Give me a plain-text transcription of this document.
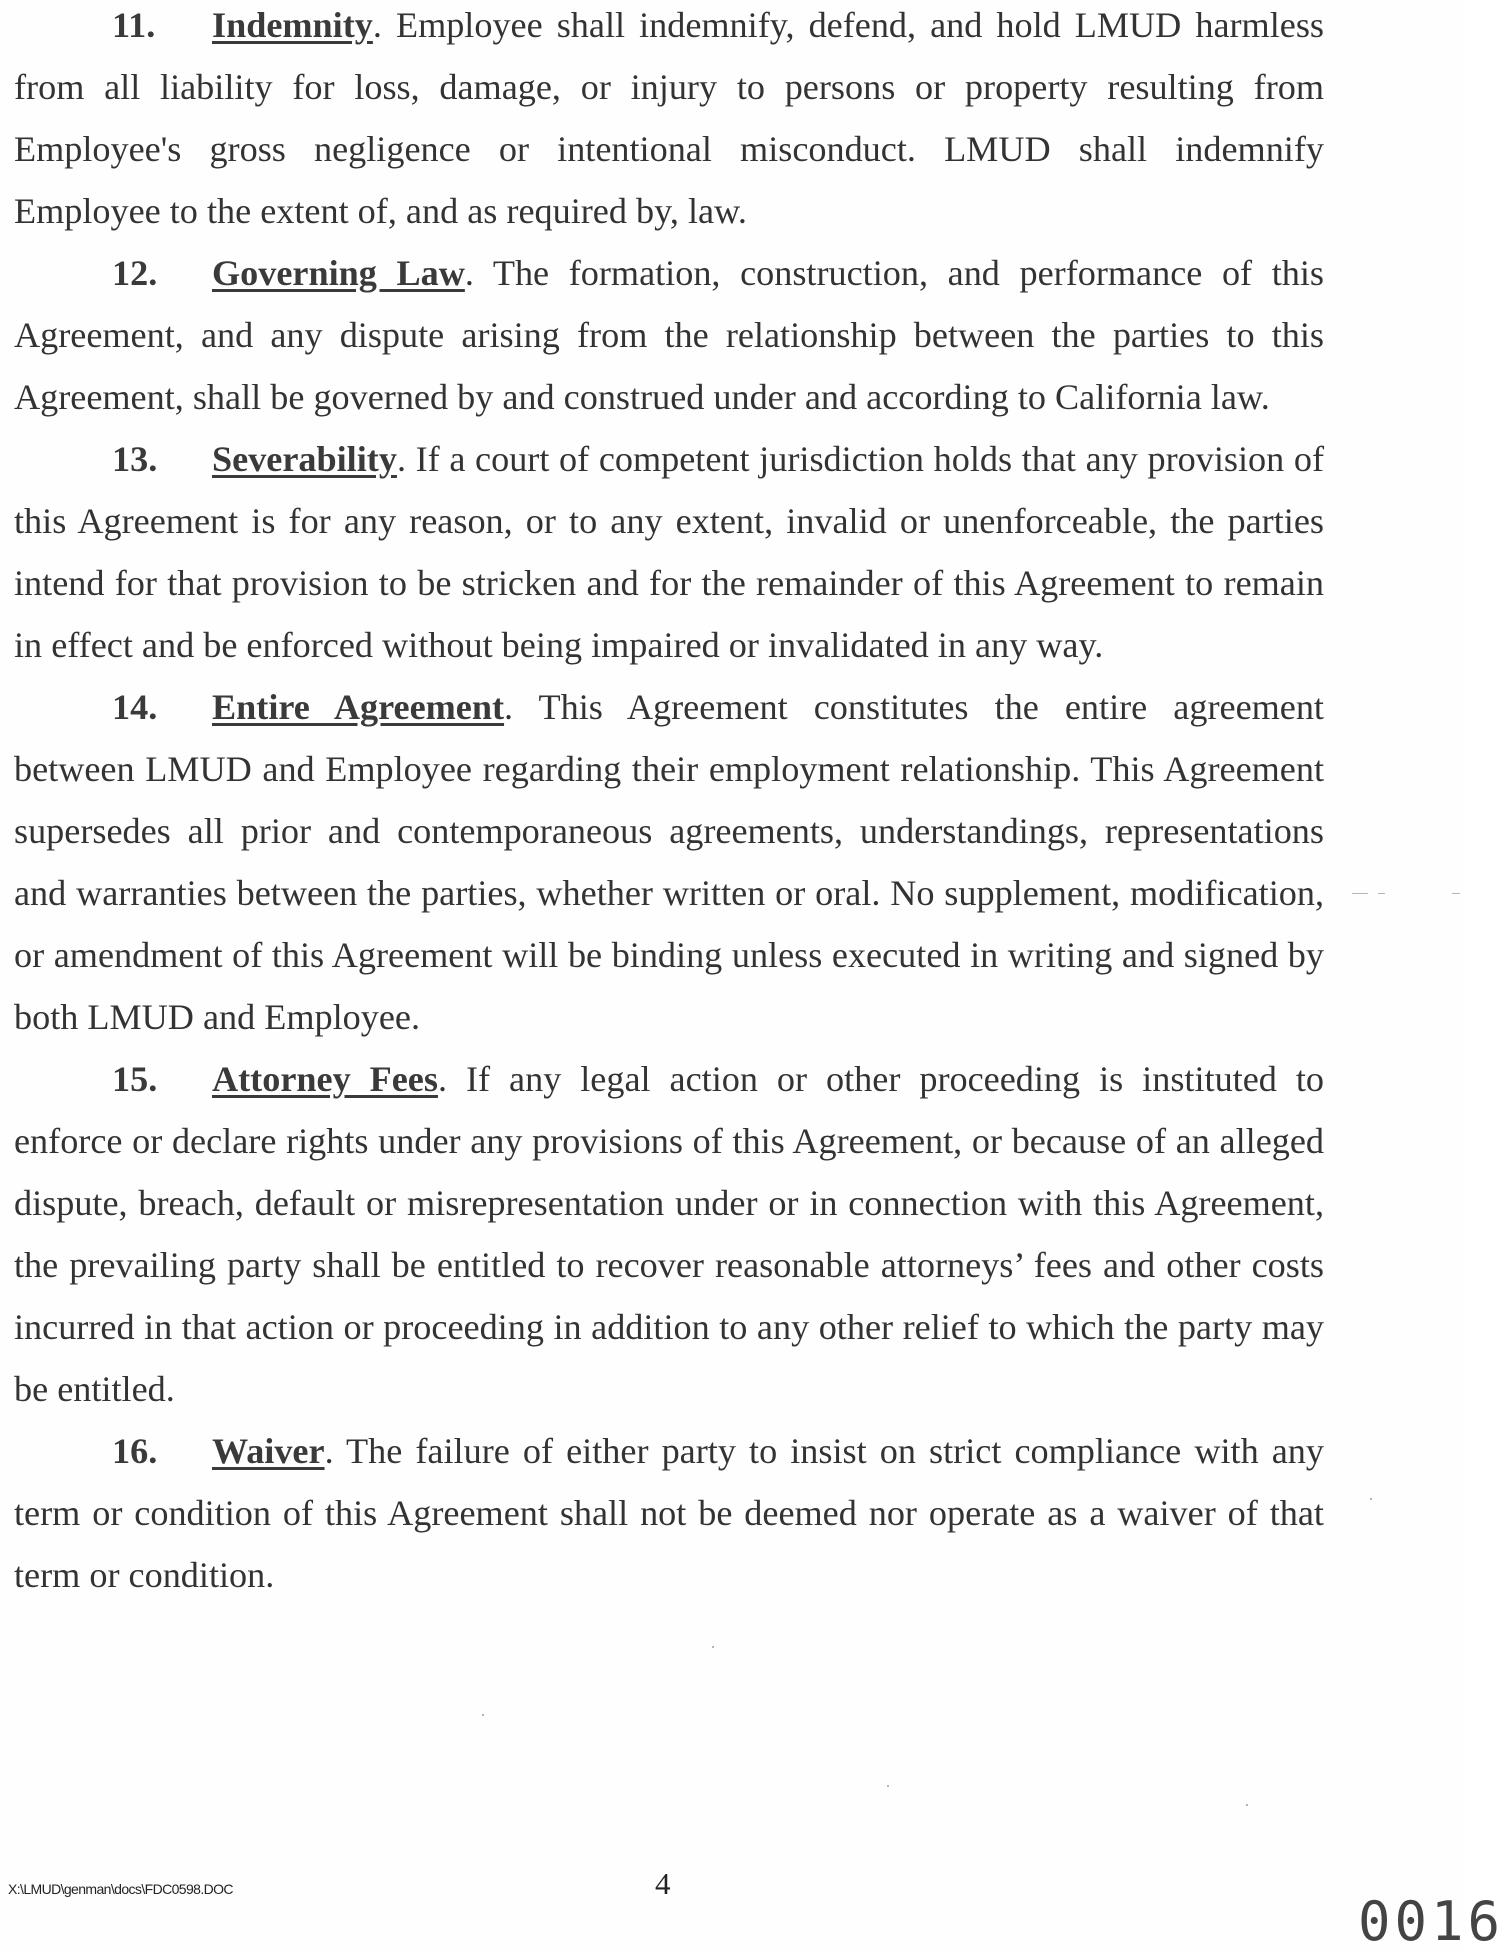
11. Indemnity. Employee shall indemnify, defend, and hold LMUD harmless from all liability for loss, damage, or injury to persons or property resulting from Employee's gross negligence or intentional misconduct. LMUD shall indemnify Employee to the extent of, and as required by, law.

12. Governing Law. The formation, construction, and performance of this Agreement, and any dispute arising from the relationship between the parties to this Agreement, shall be governed by and construed under and according to California law.

13. Severability. If a court of competent jurisdiction holds that any provision of this Agreement is for any reason, or to any extent, invalid or unenforceable, the parties intend for that provision to be stricken and for the remainder of this Agreement to remain in effect and be enforced without being impaired or invalidated in any way.

14. Entire Agreement. This Agreement constitutes the entire agreement between LMUD and Employee regarding their employment relationship. This Agreement supersedes all prior and contemporaneous agreements, understandings, representations and warranties between the parties, whether written or oral. No supplement, modification, or amendment of this Agreement will be binding unless executed in writing and signed by both LMUD and Employee.

15. Attorney Fees. If any legal action or other proceeding is instituted to enforce or declare rights under any provisions of this Agreement, or because of an alleged dispute, breach, default or misrepresentation under or in connection with this Agreement, the prevailing party shall be entitled to recover reasonable attorneys’ fees and other costs incurred in that action or proceeding in addition to any other relief to which the party may be entitled.

16. Waiver. The failure of either party to insist on strict compliance with any term or condition of this Agreement shall not be deemed nor operate as a waiver of that term or condition.

X:\LMUD\genman\docs\FDC0598.DOC	4
0016
